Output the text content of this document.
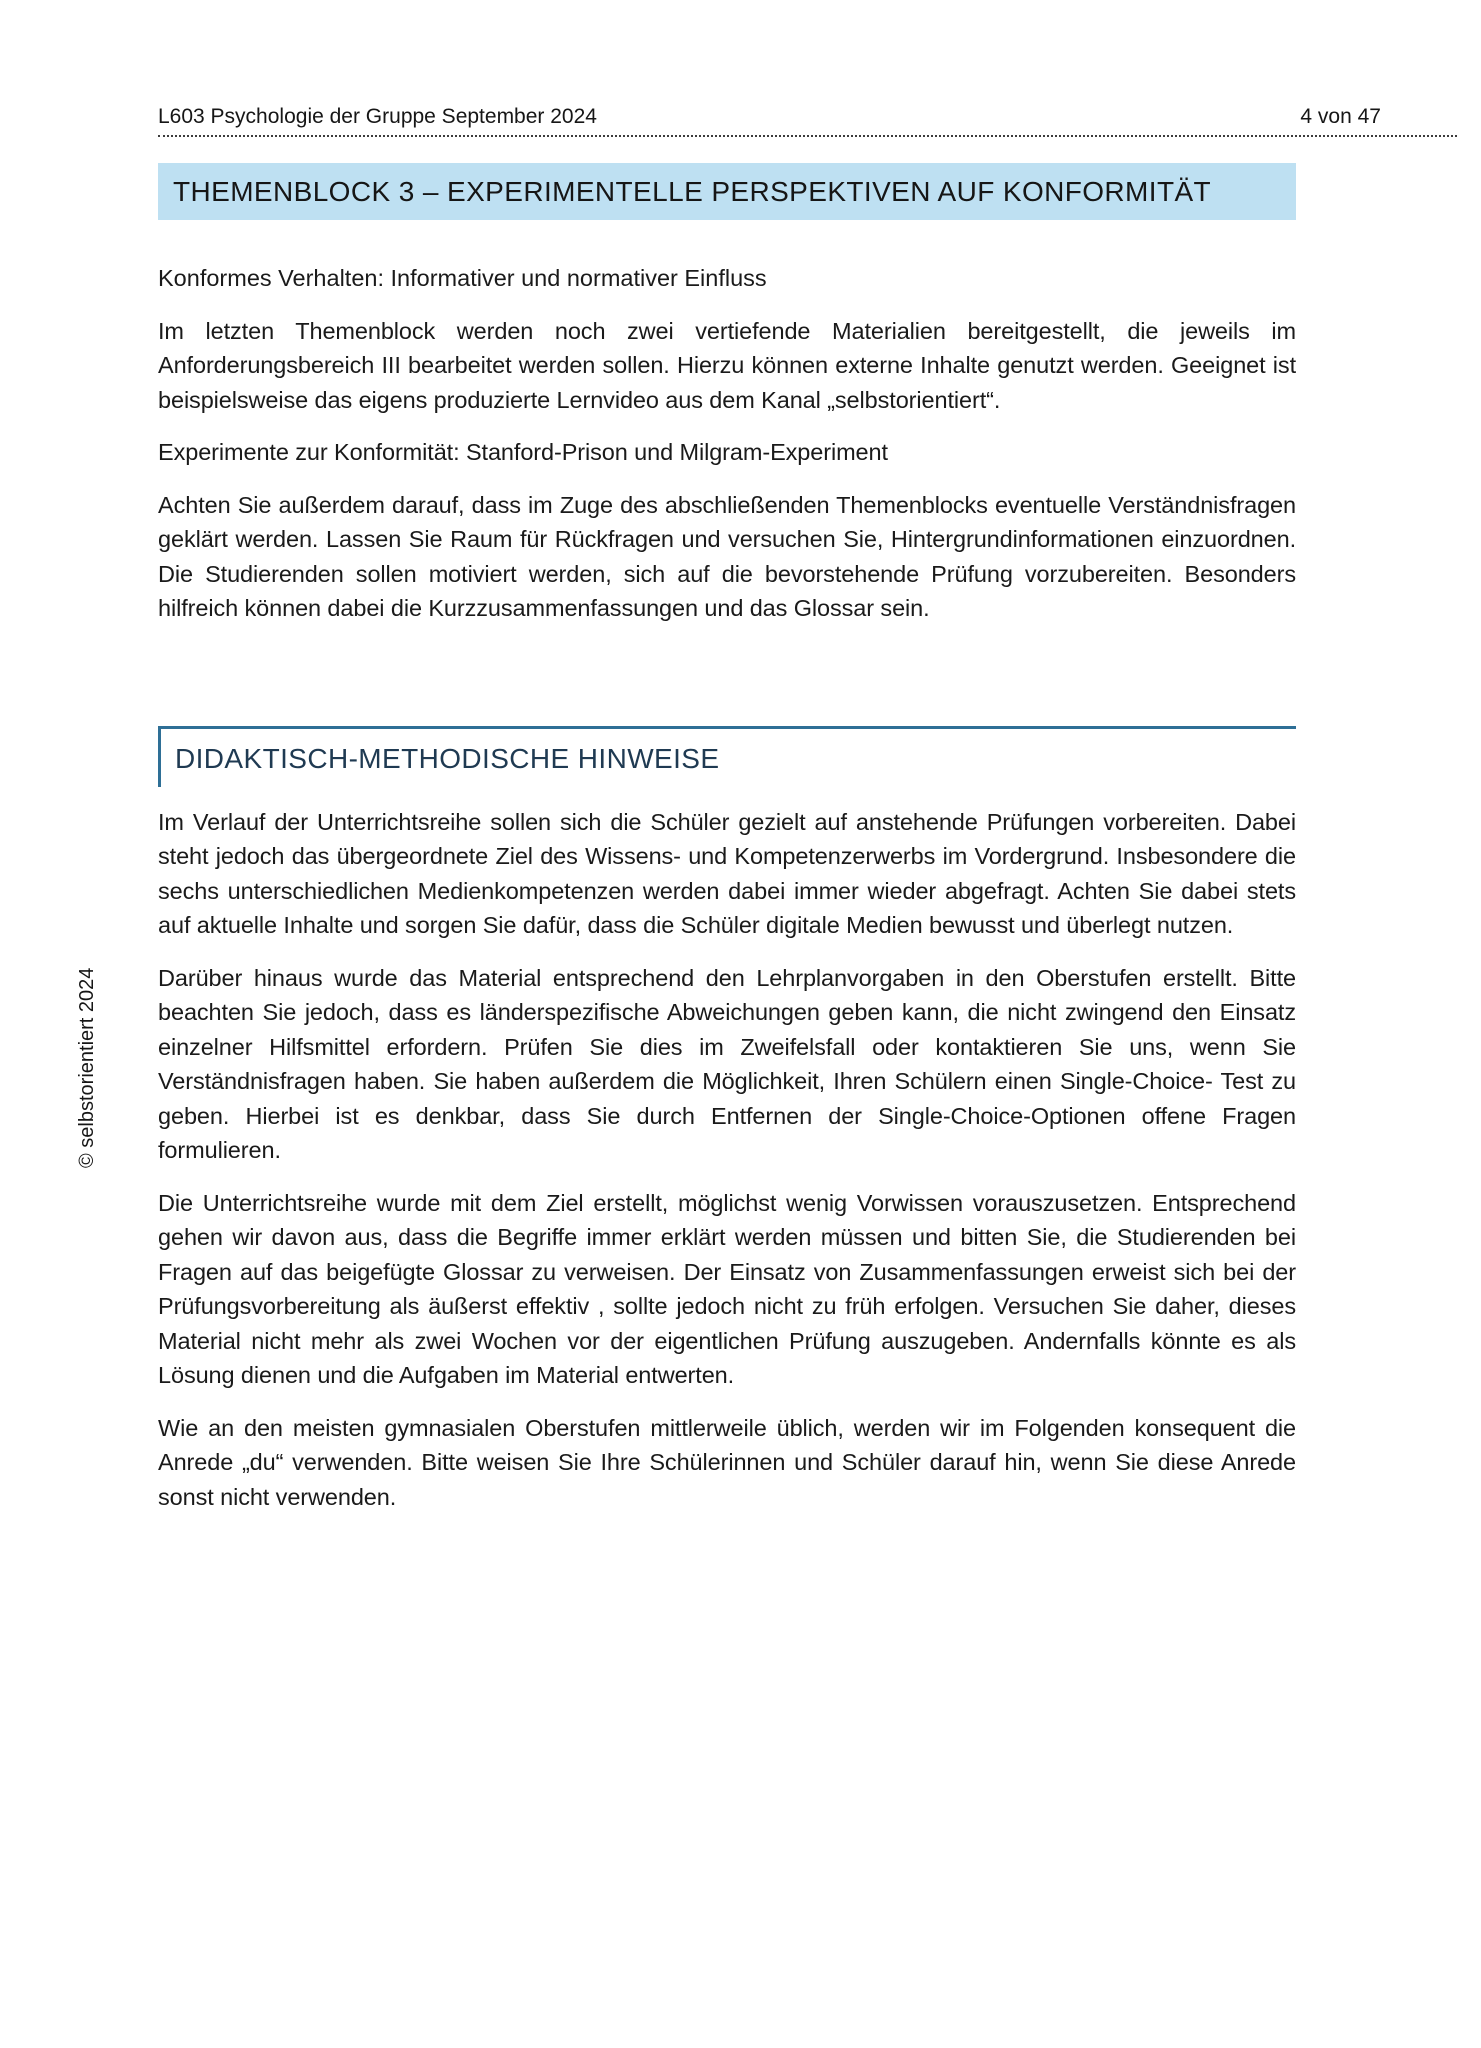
L603 Psychologie der Gruppe September 2024	4 von 47
THEMENBLOCK 3 – EXPERIMENTELLE PERSPEKTIVEN AUF KONFORMITÄT

Konformes Verhalten: Informativer und normativer Einfluss

Im letzten Themenblock werden noch zwei vertiefende Materialien bereitgestellt, die jeweils im Anforderungsbereich III bearbeitet werden sollen. Hierzu können externe Inhalte genutzt werden. Geeignet ist beispielsweise das eigens produzierte Lernvideo aus dem Kanal „selbstorientiert“.

Experimente zur Konformität: Stanford-Prison und Milgram-Experiment

Achten Sie außerdem darauf, dass im Zuge des abschließenden Themenblocks eventuelle Verständnisfragen geklärt werden. Lassen Sie Raum für Rückfragen und versuchen Sie, Hintergrundinformationen einzuordnen. Die Studierenden sollen motiviert werden, sich auf die bevorstehende Prüfung vorzubereiten. Besonders hilfreich können dabei die Kurzzusammenfassungen und das Glossar sein.

DIDAKTISCH-METHODISCHE HINWEISE

Im Verlauf der Unterrichtsreihe sollen sich die Schüler gezielt auf anstehende Prüfungen vorbereiten. Dabei steht jedoch das übergeordnete Ziel des Wissens- und Kompetenzerwerbs im Vordergrund. Insbesondere die sechs unterschiedlichen Medienkompetenzen werden dabei immer wieder abgefragt. Achten Sie dabei stets auf aktuelle Inhalte und sorgen Sie dafür, dass die Schüler digitale Medien bewusst und überlegt nutzen.

Darüber hinaus wurde das Material entsprechend den Lehrplanvorgaben in den Oberstufen erstellt. Bitte beachten Sie jedoch, dass es länderspezifische Abweichungen geben kann, die nicht zwingend den Einsatz einzelner Hilfsmittel erfordern. Prüfen Sie dies im Zweifelsfall oder kontaktieren Sie uns, wenn Sie Verständnisfragen haben. Sie haben außerdem die Möglichkeit, Ihren Schülern einen Single-Choice- Test zu geben. Hierbei ist es denkbar, dass Sie durch Entfernen der Single-Choice-Optionen offene Fragen formulieren.

Die Unterrichtsreihe wurde mit dem Ziel erstellt, möglichst wenig Vorwissen vorauszusetzen. Entsprechend gehen wir davon aus, dass die Begriffe immer erklärt werden müssen und bitten Sie, die Studierenden bei Fragen auf das beigefügte Glossar zu verweisen. Der Einsatz von Zusammenfassungen erweist sich bei der Prüfungsvorbereitung als äußerst effektiv , sollte jedoch nicht zu früh erfolgen. Versuchen Sie daher, dieses Material nicht mehr als zwei Wochen vor der eigentlichen Prüfung auszugeben. Andernfalls könnte es als Lösung dienen und die Aufgaben im Material entwerten.

Wie an den meisten gymnasialen Oberstufen mittlerweile üblich, werden wir im Folgenden konsequent die Anrede „du“ verwenden. Bitte weisen Sie Ihre Schülerinnen und Schüler darauf hin, wenn Sie diese Anrede sonst nicht verwenden.

© selbstorientiert 2024
